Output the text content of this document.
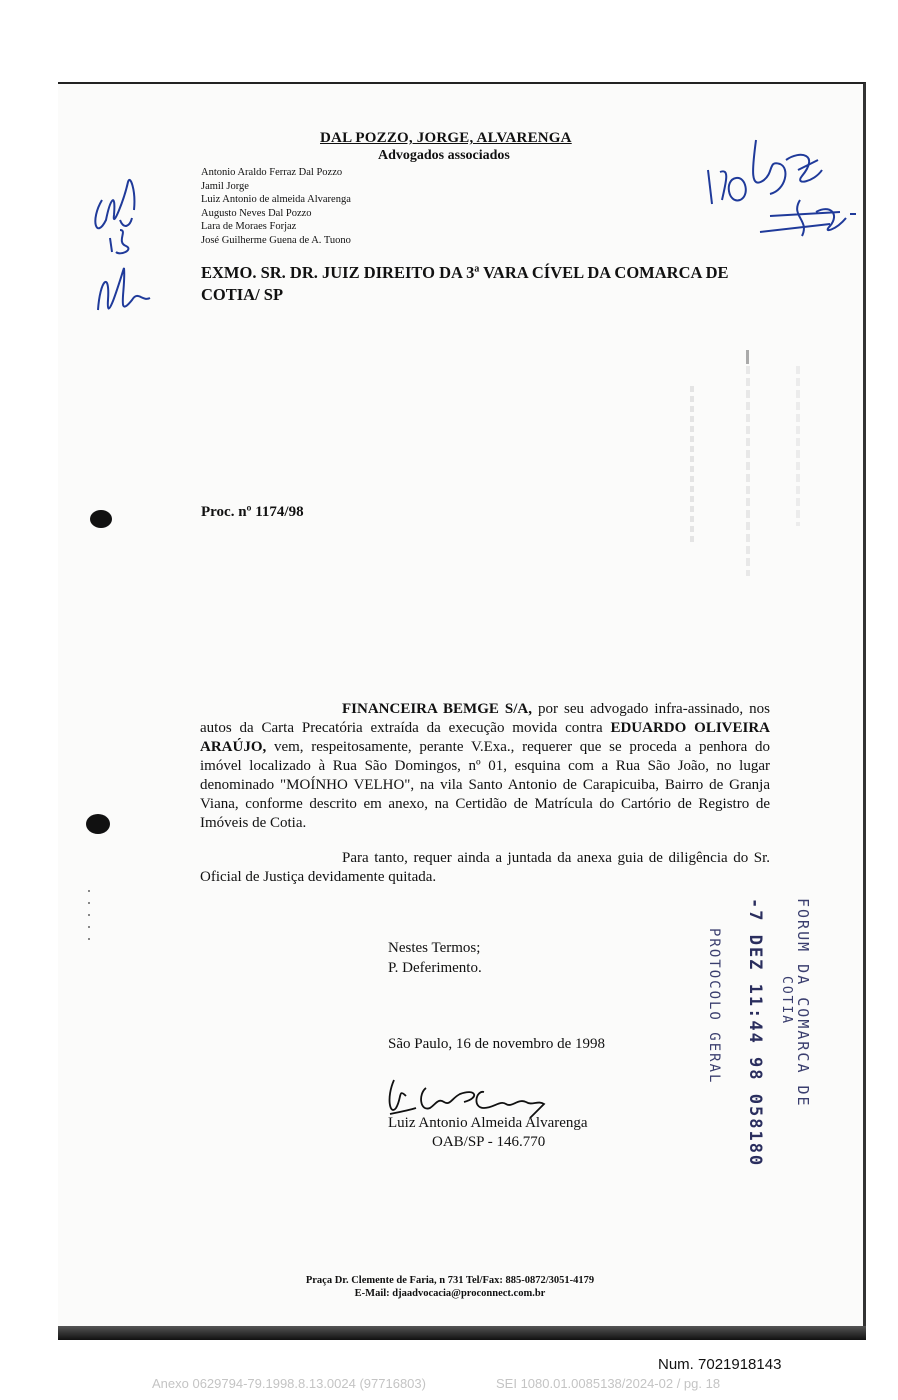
DAL POZZO, JORGE, ALVARENGA
Advogados associados
Antonio Araldo Ferraz Dal Pozzo
Jamil Jorge
Luiz Antonio de almeida Alvarenga
Augusto Neves Dal Pozzo
Lara de Moraes Forjaz
José Guilherme Guena de A. Tuono
EXMO. SR. DR. JUIZ DIREITO DA 3ª VARA CÍVEL DA COMARCA DE COTIA/ SP
Proc. nº 1174/98

FINANCEIRA BEMGE S/A, por seu advogado infra-assinado, nos autos da Carta Precatória extraída da execução movida contra EDUARDO OLIVEIRA ARAÚJO, vem, respeitosamente, perante V.Exa., requerer que se proceda a penhora do imóvel localizado à Rua São Domingos, nº 01, esquina com a Rua São João, no lugar denominado "MOÍNHO VELHO", na vila Santo Antonio de Carapicuiba, Bairro de Granja Viana, conforme descrito em anexo, na Certidão de Matrícula do Cartório de Registro de Imóveis de Cotia.

Para tanto, requer ainda a juntada da anexa guia de diligência do Sr. Oficial de Justiça devidamente quitada.

Nestes Termos;
P. Deferimento.
São Paulo, 16 de novembro de 1998
Luiz Antonio Almeida Alvarenga
OAB/SP - 146.770
FORUM DA COMARCA DE
COTIA
-7 DEZ 11:44 98 058180
PROTOCOLO GERAL
Praça Dr. Clemente de Faria, n 731 Tel/Fax: 885-0872/3051-4179
E-Mail: djaadvocacia@proconnect.com.br
Num. 7021918143
Anexo 0629794-79.1998.8.13.0024 (97716803)	SEI 1080.01.0085138/2024-02 / pg. 18
